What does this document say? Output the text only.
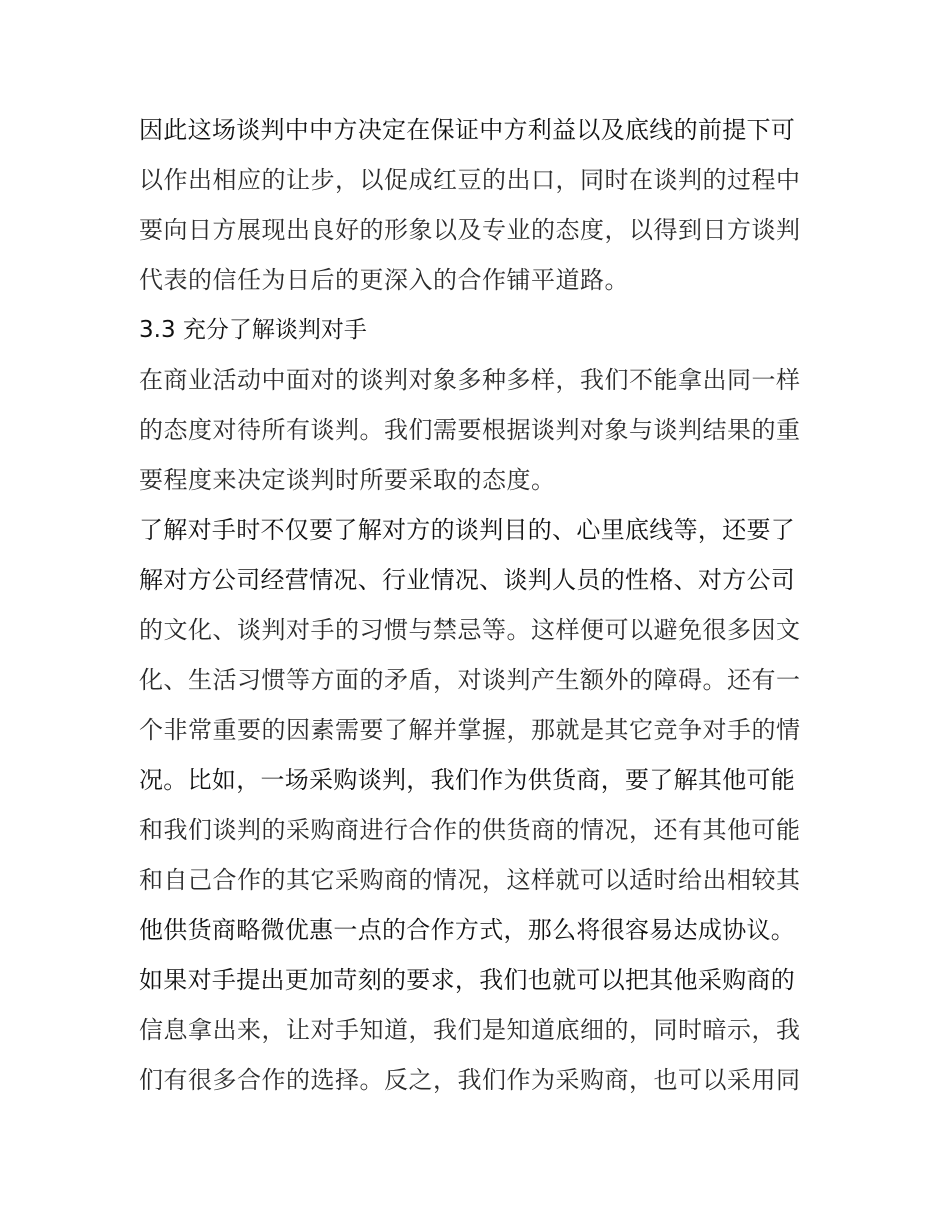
因此这场谈判中中方决定在保证中方利益以及底线的前提下可
以作出相应的让步，以促成红豆的出口，同时在谈判的过程中
要向日方展现出良好的形象以及专业的态度，以得到日方谈判
代表的信任为日后的更深入的合作铺平道路。
3.3 充分了解谈判对手
在商业活动中面对的谈判对象多种多样，我们不能拿出同一样
的态度对待所有谈判。我们需要根据谈判对象与谈判结果的重
要程度来决定谈判时所要采取的态度。
了解对手时不仅要了解对方的谈判目的、心里底线等，还要了
解对方公司经营情况、行业情况、谈判人员的性格、对方公司
的文化、谈判对手的习惯与禁忌等。这样便可以避免很多因文
化、生活习惯等方面的矛盾，对谈判产生额外的障碍。还有一
个非常重要的因素需要了解并掌握，那就是其它竞争对手的情
况。比如，一场采购谈判，我们作为供货商，要了解其他可能
和我们谈判的采购商进行合作的供货商的情况，还有其他可能
和自己合作的其它采购商的情况，这样就可以适时给出相较其
他供货商略微优惠一点的合作方式，那么将很容易达成协议。
如果对手提出更加苛刻的要求，我们也就可以把其他采购商的
信息拿出来，让对手知道，我们是知道底细的，同时暗示，我
们有很多合作的选择。反之，我们作为采购商，也可以采用同
